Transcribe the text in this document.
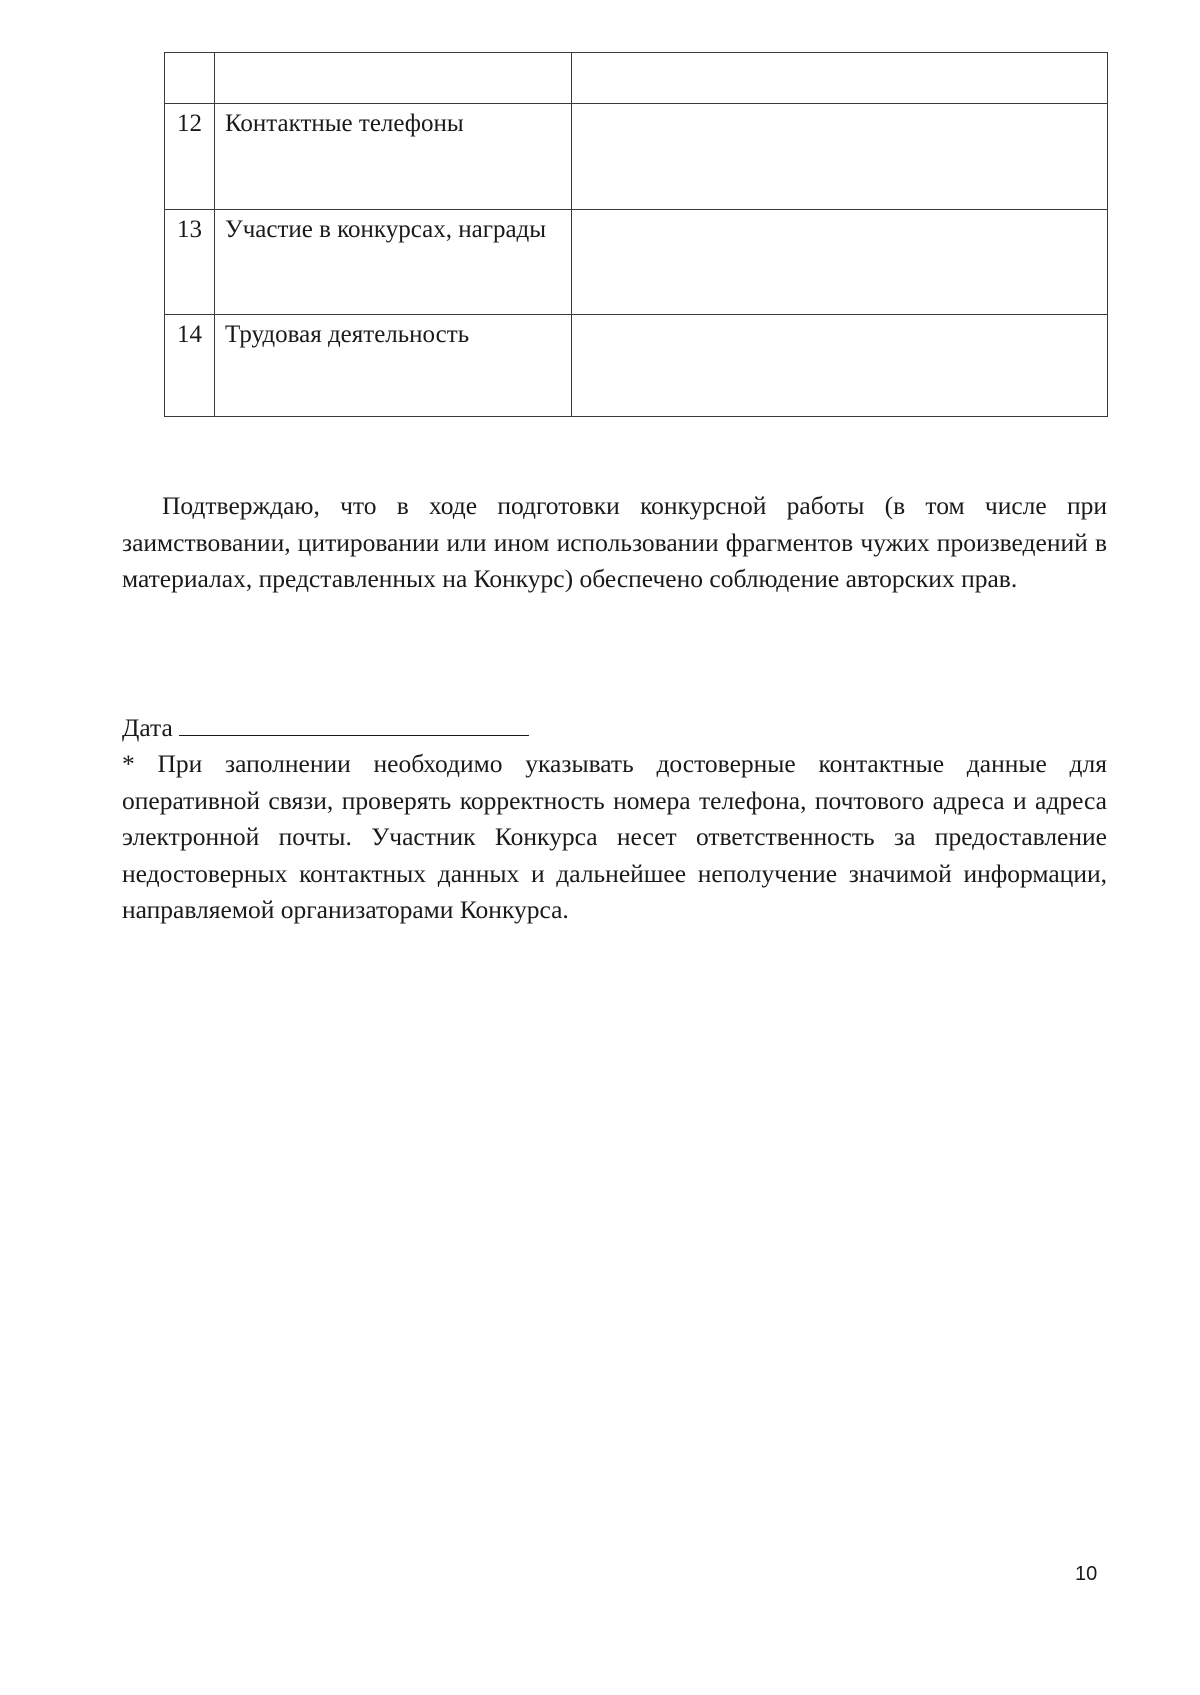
12	Контактные телефоны	
13	Участие в конкурсах, награды	
14	Трудовая деятельность	

Подтверждаю, что в ходе подготовки конкурсной работы (в том числе при заимствовании, цитировании или ином использовании фрагментов чужих произведений в материалах, представленных на Конкурс) обеспечено соблюдение авторских прав.

Дата

* При заполнении необходимо указывать достоверные контактные данные для оперативной связи, проверять корректность номера телефона, почтового адреса и адреса электронной почты. Участник Конкурса несет ответственность за предоставление недостоверных контактных данных и дальнейшее неполучение значимой информации, направляемой организаторами Конкурса.

10
